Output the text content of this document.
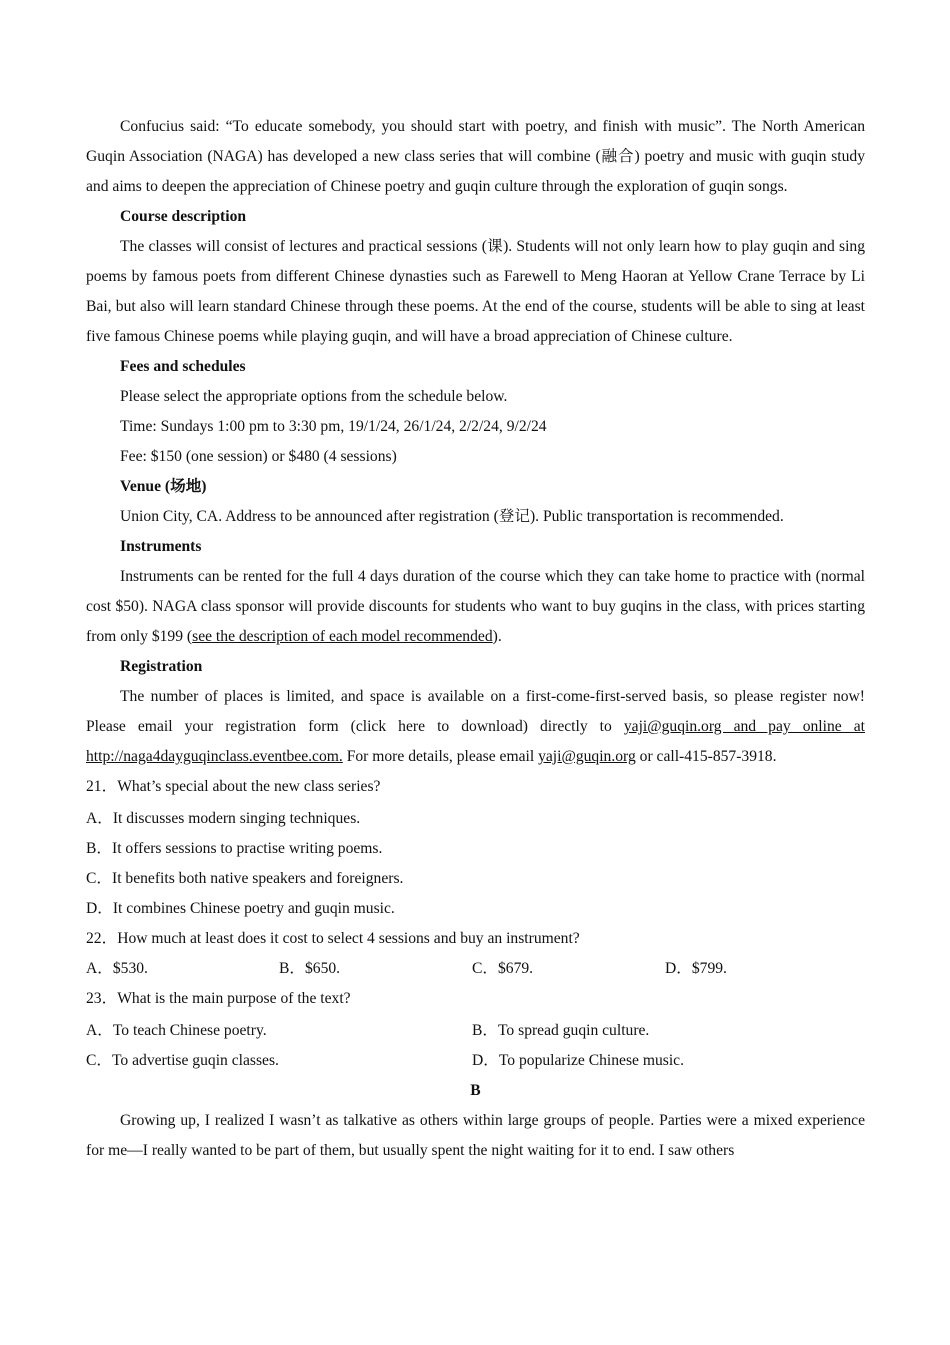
Confucius said: “To educate somebody, you should start with poetry, and finish with music”. The North American Guqin Association (NAGA) has developed a new class series that will combine (融合) poetry and music with guqin study and aims to deepen the appreciation of Chinese poetry and guqin culture through the exploration of guqin songs.

Course description

The classes will consist of lectures and practical sessions (课). Students will not only learn how to play guqin and sing poems by famous poets from different Chinese dynasties such as Farewell to Meng Haoran at Yellow Crane Terrace by Li Bai, but also will learn standard Chinese through these poems. At the end of the course, students will be able to sing at least five famous Chinese poems while playing guqin, and will have a broad appreciation of Chinese culture.

Fees and schedules

Please select the appropriate options from the schedule below.

Time: Sundays 1:00 pm to 3:30 pm, 19/1/24, 26/1/24, 2/2/24, 9/2/24

Fee: $150 (one session) or $480 (4 sessions)

Venue (场地)

Union City, CA. Address to be announced after registration (登记). Public transportation is recommended.

Instruments

Instruments can be rented for the full 4 days duration of the course which they can take home to practice with (normal cost $50). NAGA class sponsor will provide discounts for students who want to buy guqins in the class, with prices starting from only $199 (see the description of each model recommended).

Registration

The number of places is limited, and space is available on a first-come-first-served basis, so please register now! Please email your registration form (click here to download) directly to yaji@guqin.org and pay online at http://naga4dayguqinclass.eventbee.com. For more details, please email yaji@guqin.org or call-415-857-3918.

21．What’s special about the new class series?

A．It discusses modern singing techniques.

B．It offers sessions to practise writing poems.

C．It benefits both native speakers and foreigners.

D．It combines Chinese poetry and guqin music.

22．How much at least does it cost to select 4 sessions and buy an instrument?

A．$530.	B．$650.	C．$679.	D．$799.

23．What is the main purpose of the text?

A．To teach Chinese poetry.	B．To spread guqin culture.
C．To advertise guqin classes.	D．To popularize Chinese music.

B

Growing up, I realized I wasn’t as talkative as others within large groups of people. Parties were a mixed experience for me—I really wanted to be part of them, but usually spent the night waiting for it to end. I saw others
